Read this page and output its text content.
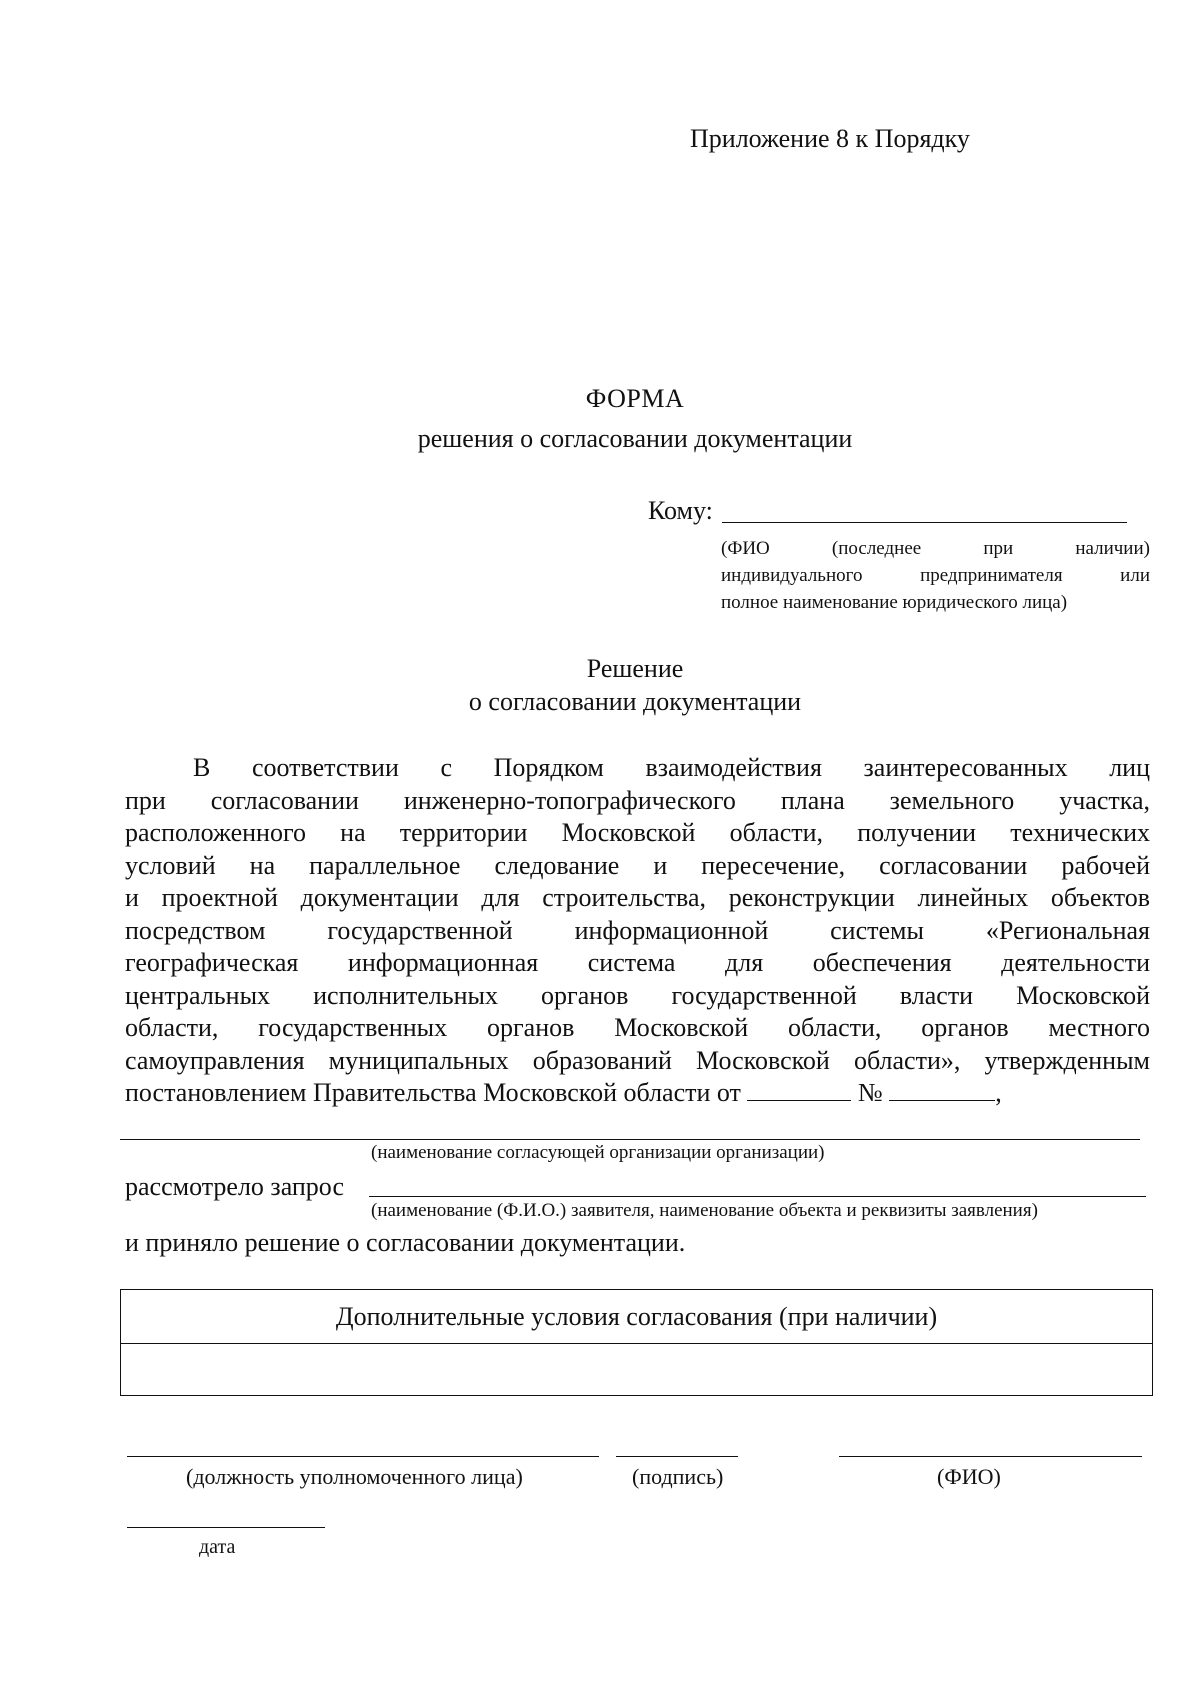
Приложение 8 к Порядку
ФОРМА
решения о согласовании документации
Кому:
(ФИО	(последнее	при	наличии)
индивидуального	предпринимателя	или
полное наименование юридического лица)
Решение
о согласовании документации
В соответствии с Порядком взаимодействия заинтересованных лиц
при согласовании инженерно-топографического плана земельного участка,
расположенного на территории Московской области, получении технических
условий на параллельное следование и пересечение, согласовании рабочей
и проектной документации для строительства, реконструкции линейных объектов
посредством государственной информационной системы «Региональная
географическая информационная система для обеспечения деятельности
центральных исполнительных органов государственной власти Московской
области, государственных органов Московской области, органов местного
самоуправления муниципальных образований Московской области», утвержденным
постановлением Правительства Московской области от	№	,
(наименование согласующей организации организации)
рассмотрело запрос
(наименование (Ф.И.О.) заявителя, наименование объекта и реквизиты заявления)
и приняло решение о согласовании документации.
Дополнительные условия согласования (при наличии)
(должность уполномоченного лица)	(подпись)	(ФИО)
дата
